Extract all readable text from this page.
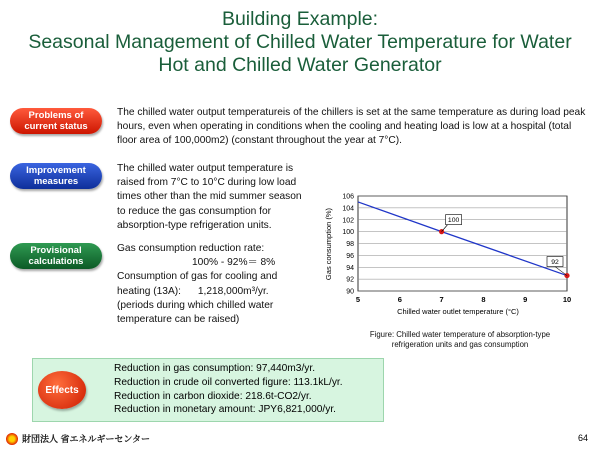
Building Example:
Seasonal Management of Chilled Water Temperature for Water
Hot and Chilled Water Generator
Problems of
current status
The chilled water output temperatureis of the chillers is set at the same temperature as during load peak hours, even when operating in conditions when the cooling and heating load is low at a hospital (total floor area of 100,000m2) (constant throughout the year at 7°C).
Improvement
measures
The chilled water output temperature is raised from 7°C to 10°C during low load times other than the mid summer season to reduce the gas consumption for absorption-type refrigeration units.
Provisional
calculations
Gas consumption reduction rate:
100% - 92%＝ 8%
Consumption of gas for cooling and
heating (13A): 1,218,000m³/yr.
(periods during which chilled water
temperature can be raised)
90
92
94
96
98
100
102
104
106
5	6	7	8	9	10
100
92
Chilled water outlet temperature (°C)
Gas consumption (%)
Figure: Chilled water temperature of absorption-type
refrigeration units and gas consumption
Effects
Reduction in gas consumption: 97,440m3/yr.
Reduction in crude oil converted figure: 113.1kL/yr.
Reduction in carbon dioxide: 218.6t-CO2/yr.
Reduction in monetary amount: JPY6,821,000/yr.
財団法人 省エネルギーセンター	64
